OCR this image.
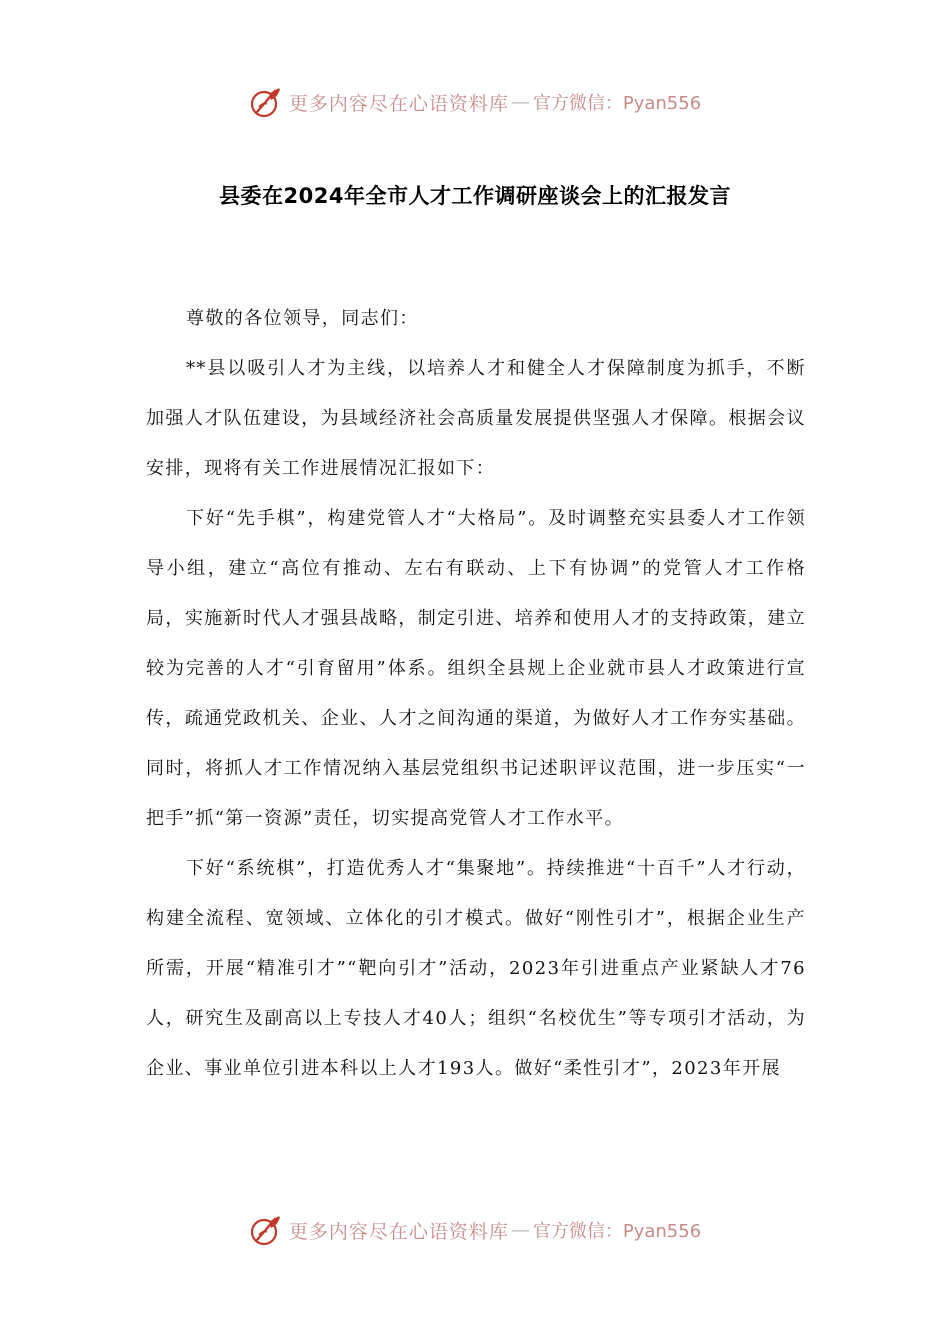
更多内容尽在心语资料库 — 官方微信：Pyan556
县委在2024年全市人才工作调研座谈会上的汇报发言

尊敬的各位领导，同志们：

**县以吸引人才为主线，以培养人才和健全人才保障制度为抓手，不断加强人才队伍建设，为县域经济社会高质量发展提供坚强人才保障。根据会议安排，现将有关工作进展情况汇报如下：

下好“先手棋”，构建党管人才“大格局”。及时调整充实县委人才工作领导小组，建立“高位有推动、左右有联动、上下有协调”的党管人才工作格局，实施新时代人才强县战略，制定引进、培养和使用人才的支持政策，建立较为完善的人才“引育留用”体系。组织全县规上企业就市县人才政策进行宣传，疏通党政机关、企业、人才之间沟通的渠道，为做好人才工作夯实基础。同时，将抓人才工作情况纳入基层党组织书记述职评议范围，进一步压实“一把手”抓“第一资源”责任，切实提高党管人才工作水平。

下好“系统棋”，打造优秀人才“集聚地”。持续推进“十百千”人才行动，构建全流程、宽领域、立体化的引才模式。做好“刚性引才”，根据企业生产所需，开展“精准引才”“靶向引才”活动，2023年引进重点产业紧缺人才76人，研究生及副高以上专技人才40人；组织“名校优生”等专项引才活动，为企业、事业单位引进本科以上人才193人。做好“柔性引才”，2023年开展

更多内容尽在心语资料库 — 官方微信：Pyan556
